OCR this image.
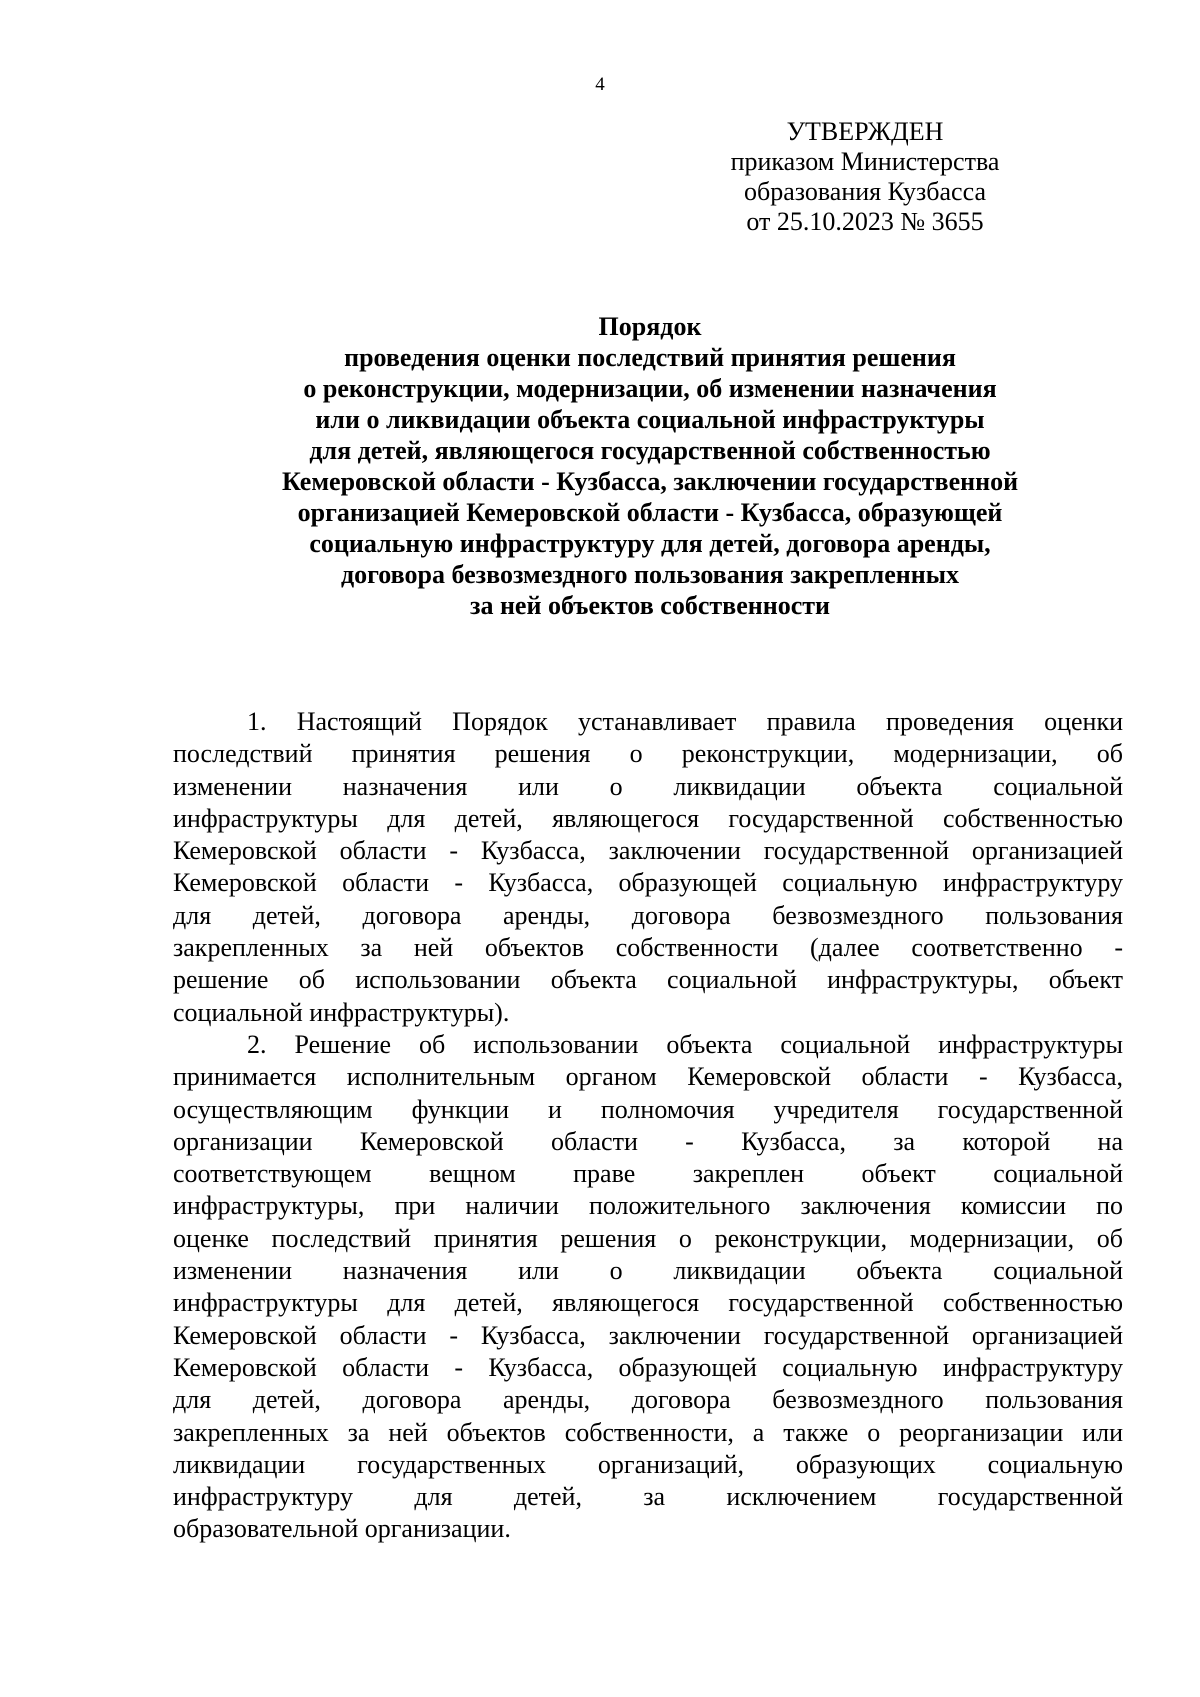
4
УТВЕРЖДЕН
приказом Министерства
образования Кузбасса
от 25.10.2023 № 3655
Порядок
проведения оценки последствий принятия решения
о реконструкции, модернизации, об изменении назначения
или о ликвидации объекта социальной инфраструктуры
для детей, являющегося государственной собственностью
Кемеровской области - Кузбасса, заключении государственной
организацией Кемеровской области - Кузбасса, образующей
социальную инфраструктуру для детей, договора аренды,
договора безвозмездного пользования закрепленных
за ней объектов собственности
1. Настоящий Порядок устанавливает правила проведения оценки
последствий принятия решения о реконструкции, модернизации, об
изменении назначения или о ликвидации объекта социальной
инфраструктуры для детей, являющегося государственной собственностью
Кемеровской области - Кузбасса, заключении государственной организацией
Кемеровской области - Кузбасса, образующей социальную инфраструктуру
для детей, договора аренды, договора безвозмездного пользования
закрепленных за ней объектов собственности (далее соответственно -
решение об использовании объекта социальной инфраструктуры, объект
социальной инфраструктуры).
2. Решение об использовании объекта социальной инфраструктуры
принимается исполнительным органом Кемеровской области - Кузбасса,
осуществляющим функции и полномочия учредителя государственной
организации Кемеровской области - Кузбасса, за которой на
соответствующем вещном праве закреплен объект социальной
инфраструктуры, при наличии положительного заключения комиссии по
оценке последствий принятия решения о реконструкции, модернизации, об
изменении назначения или о ликвидации объекта социальной
инфраструктуры для детей, являющегося государственной собственностью
Кемеровской области - Кузбасса, заключении государственной организацией
Кемеровской области - Кузбасса, образующей социальную инфраструктуру
для детей, договора аренды, договора безвозмездного пользования
закрепленных за ней объектов собственности, а также о реорганизации или
ликвидации государственных организаций, образующих социальную
инфраструктуру для детей, за исключением государственной
образовательной организации.
